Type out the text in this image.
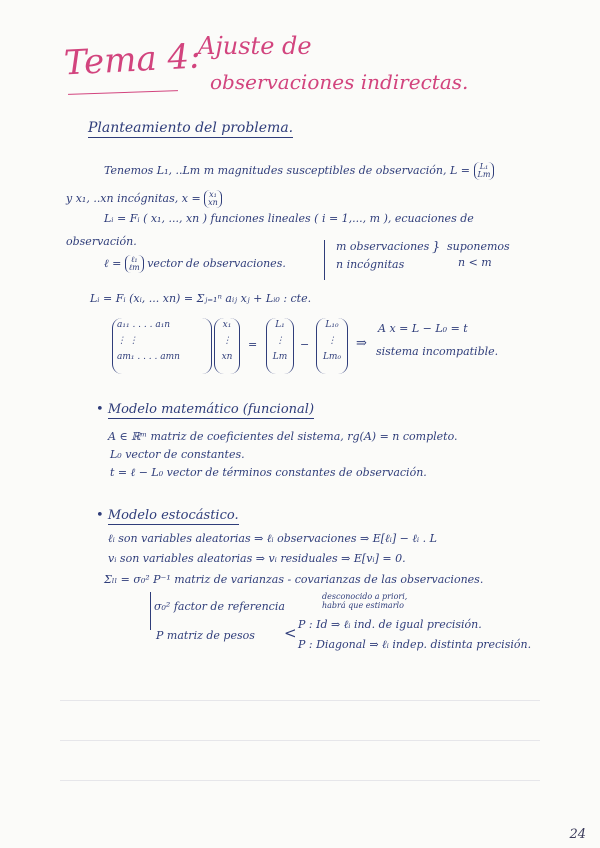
Tema 4:
Ajuste de
observaciones indirectas.
Planteamiento del problema.
Tenemos L₁, ..Lm m magnitudes susceptibles de observación, L = L₁
Lm
y x₁, ..xn incógnitas, x = x₁
xn
Lᵢ = Fᵢ ( x₁, ..., xn ) funciones lineales ( i = 1,..., m ), ecuaciones de
observación.
ℓ = ℓ₁
ℓm vector de observaciones.
m observaciones
n incógnitas
} suponemos
n < m
Lᵢ = Fᵢ (xᵢ, ... xn) = Σⱼ₌₁ⁿ aᵢⱼ xⱼ + Lᵢ₀ : cte.
a₁₁ . . . . a₁n
⋮ ⋮
am₁ . . . . amn
x₁
⋮
xn
=
L₁
⋮
Lm
−
L₁₀
⋮
Lm₀
⇒
A x = L − L₀ = t
sistema incompatible.
• Modelo matemático (funcional)
A ∈ ℝᵐ matriz de coeficientes del sistema, rg(A) = n completo.
L₀ vector de constantes.
t = ℓ − L₀ vector de términos constantes de observación.
• Modelo estocástico.
ℓᵢ son variables aleatorias ⇒ ℓᵢ observaciones ⇒ E[ℓᵢ] − ℓᵢ . L
vᵢ son variables aleatorias ⇒ vᵢ residuales ⇒ E[vᵢ] = 0.
Σₗₗ = σ₀² P⁻¹ matriz de varianzas - covarianzas de las observaciones.
σ₀² factor de referencia
desconocido a priori,
habrá que estimarlo
P matriz de pesos < P : Id ⇒ ℓᵢ ind. de igual precisión.
P : Diagonal ⇒ ℓᵢ indep. distinta precisión.
24
